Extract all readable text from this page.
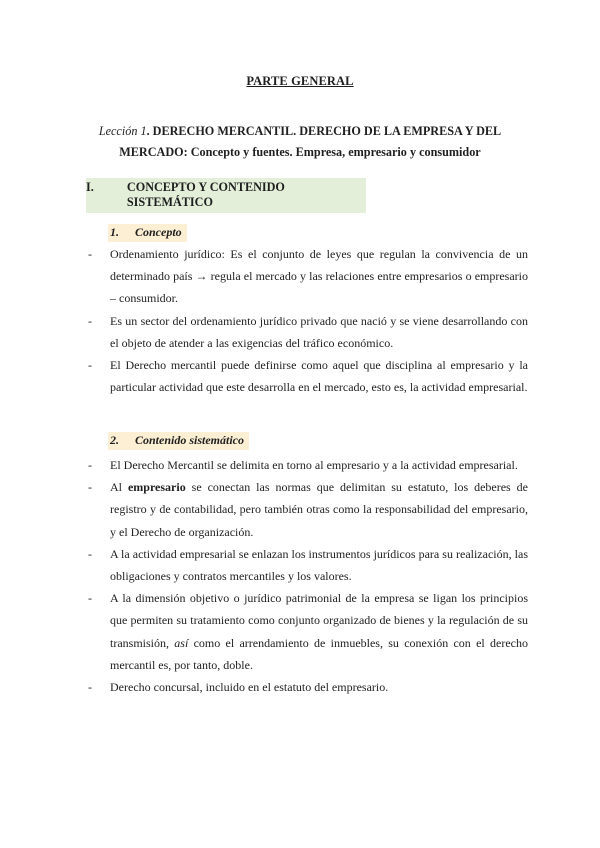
PARTE GENERAL
Lección 1. DERECHO MERCANTIL. DERECHO DE LA EMPRESA Y DEL MERCADO: Concepto y fuentes. Empresa, empresario y consumidor
I.	CONCEPTO Y CONTENIDO SISTEMÁTICO
1. Concepto
- Ordenamiento jurídico: Es el conjunto de leyes que regulan la convivencia de un determinado país → regula el mercado y las relaciones entre empresarios o empresario – consumidor.
- Es un sector del ordenamiento jurídico privado que nació y se viene desarrollando con el objeto de atender a las exigencias del tráfico económico.
- El Derecho mercantil puede definirse como aquel que disciplina al empresario y la particular actividad que este desarrolla en el mercado, esto es, la actividad empresarial.
2. Contenido sistemático
- El Derecho Mercantil se delimita en torno al empresario y a la actividad empresarial.
- Al empresario se conectan las normas que delimitan su estatuto, los deberes de registro y de contabilidad, pero también otras como la responsabilidad del empresario, y el Derecho de organización.
- A la actividad empresarial se enlazan los instrumentos jurídicos para su realización, las obligaciones y contratos mercantiles y los valores.
- A la dimensión objetivo o jurídico patrimonial de la empresa se ligan los principios que permiten su tratamiento como conjunto organizado de bienes y la regulación de su transmisión, así como el arrendamiento de inmuebles, su conexión con el derecho mercantil es, por tanto, doble.
- Derecho concursal, incluido en el estatuto del empresario.
